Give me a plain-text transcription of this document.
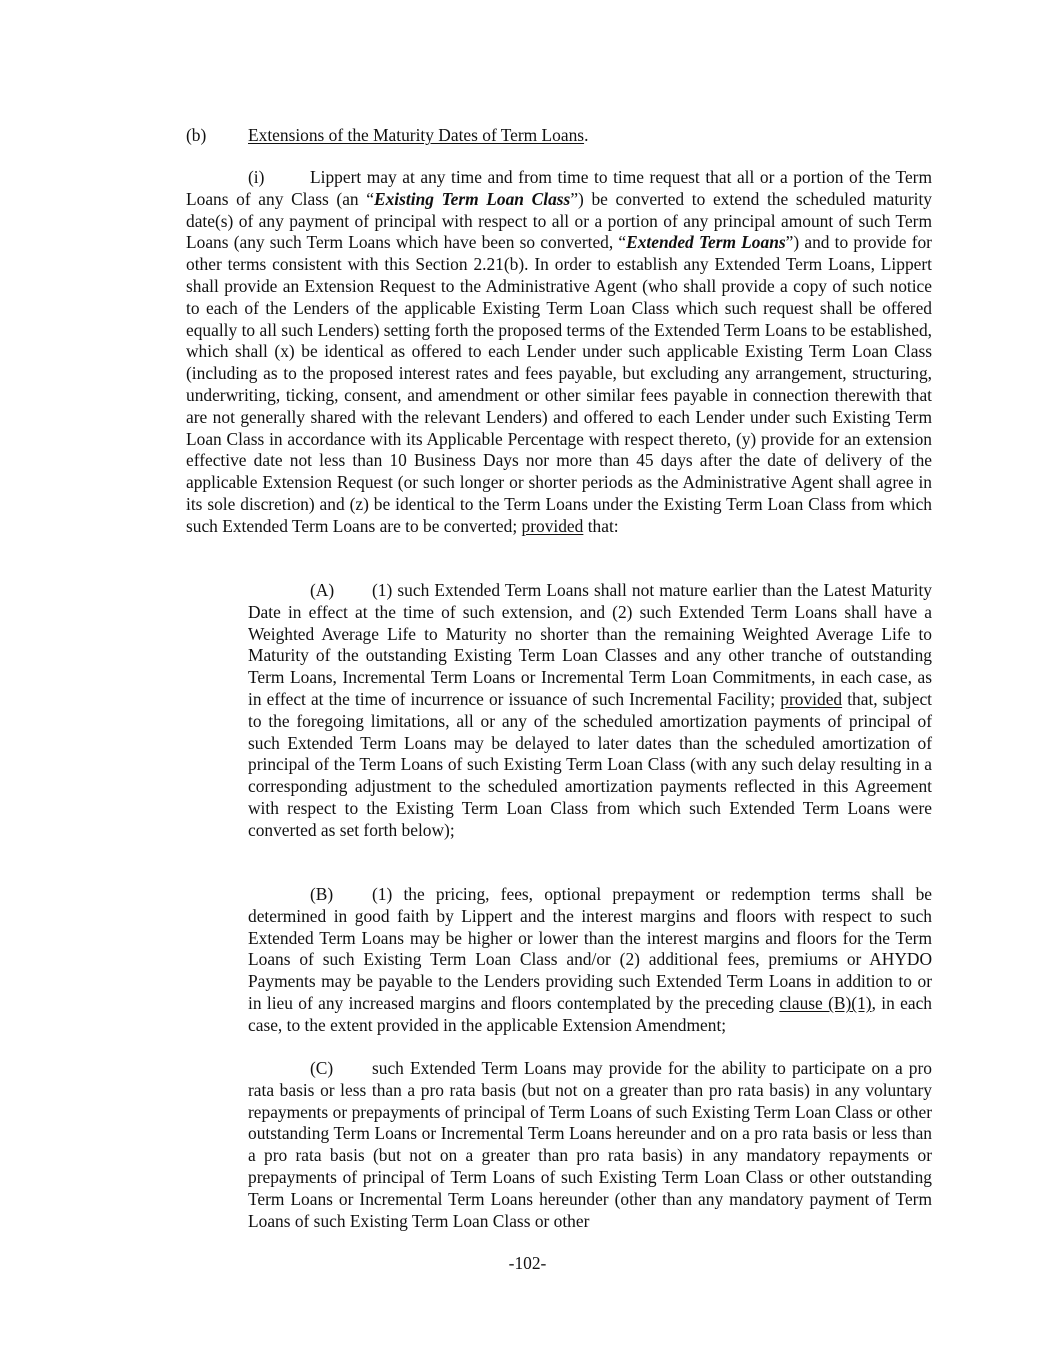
(b) Extensions of the Maturity Dates of Term Loans.
(i)	Lippert may at any time and from time to time request that all or a portion of the Term Loans of any Class (an “Existing Term Loan Class”) be converted to extend the scheduled maturity date(s) of any payment of principal with respect to all or a portion of any principal amount of such Term Loans (any such Term Loans which have been so converted, “Extended Term Loans”) and to provide for other terms consistent with this Section 2.21(b). In order to establish any Extended Term Loans, Lippert shall provide an Extension Request to the Administrative Agent (who shall provide a copy of such notice to each of the Lenders of the applicable Existing Term Loan Class which such request shall be offered equally to all such Lenders) setting forth the proposed terms of the Extended Term Loans to be established, which shall (x) be identical as offered to each Lender under such applicable Existing Term Loan Class (including as to the proposed interest rates and fees payable, but excluding any arrangement, structuring, underwriting, ticking, consent, and amendment or other similar fees payable in connection therewith that are not generally shared with the relevant Lenders) and offered to each Lender under such Existing Term Loan Class in accordance with its Applicable Percentage with respect thereto, (y) provide for an extension effective date not less than 10 Business Days nor more than 45 days after the date of delivery of the applicable Extension Request (or such longer or shorter periods as the Administrative Agent shall agree in its sole discretion) and (z) be identical to the Term Loans under the Existing Term Loan Class from which such Extended Term Loans are to be converted; provided that:
(A) (1) such Extended Term Loans shall not mature earlier than the Latest Maturity Date in effect at the time of such extension, and (2) such Extended Term Loans shall have a Weighted Average Life to Maturity no shorter than the remaining Weighted Average Life to Maturity of the outstanding Existing Term Loan Classes and any other tranche of outstanding Term Loans, Incremental Term Loans or Incremental Term Loan Commitments, in each case, as in effect at the time of incurrence or issuance of such Incremental Facility; provided that, subject to the foregoing limitations, all or any of the scheduled amortization payments of principal of such Extended Term Loans may be delayed to later dates than the scheduled amortization of principal of the Term Loans of such Existing Term Loan Class (with any such delay resulting in a corresponding adjustment to the scheduled amortization payments reflected in this Agreement with respect to the Existing Term Loan Class from which such Extended Term Loans were converted as set forth below);
(B) (1) the pricing, fees, optional prepayment or redemption terms shall be determined in good faith by Lippert and the interest margins and floors with respect to such Extended Term Loans may be higher or lower than the interest margins and floors for the Term Loans of such Existing Term Loan Class and/or (2) additional fees, premiums or AHYDO Payments may be payable to the Lenders providing such Extended Term Loans in addition to or in lieu of any increased margins and floors contemplated by the preceding clause (B)(1), in each case, to the extent provided in the applicable Extension Amendment;
(C) such Extended Term Loans may provide for the ability to participate on a pro rata basis or less than a pro rata basis (but not on a greater than pro rata basis) in any voluntary repayments or prepayments of principal of Term Loans of such Existing Term Loan Class or other outstanding Term Loans or Incremental Term Loans hereunder and on a pro rata basis or less than a pro rata basis (but not on a greater than pro rata basis) in any mandatory repayments or prepayments of principal of Term Loans of such Existing Term Loan Class or other outstanding Term Loans or Incremental Term Loans hereunder (other than any mandatory payment of Term Loans of such Existing Term Loan Class or other
-102-
